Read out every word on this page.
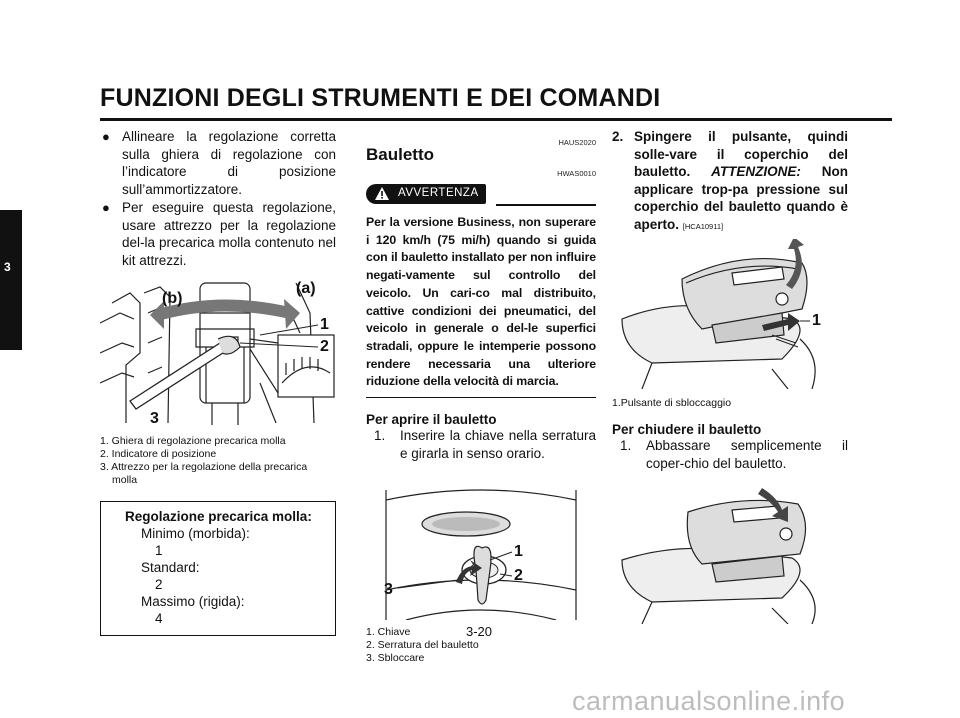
FUNZIONI DEGLI STRUMENTI E DEI COMANDI
3
● Allineare la regolazione corretta sulla ghiera di regolazione con l’indicatore di posizione sull’ammortizzatore.
● Per eseguire questa regolazione, usare attrezzo per la regolazione del-la precarica molla contenuto nel kit attrezzi.
(b)
(a)
1
2
3
1. Ghiera di regolazione precarica molla
2. Indicatore di posizione
3. Attrezzo per la regolazione della precarica
molla
Regolazione precarica molla:
Minimo (morbida):
1
Standard:
2
Massimo (rigida):
4
HAUS2020
Bauletto
HWAS0010
AVVERTENZA
Per la versione Business, non superare i 120 km/h (75 mi/h) quando si guida con il bauletto installato per non influire negati-vamente sul controllo del veicolo. Un cari-co mal distribuito, cattive condizioni dei pneumatici, del veicolo in generale o del-le superfici stradali, oppure le intemperie possono rendere necessaria una ulteriore riduzione della velocità di marcia.
Per aprire il bauletto
1. Inserire la chiave nella serratura e girarla in senso orario.
1
2
3
1. Chiave
2. Serratura del bauletto
3. Sbloccare
2. Spingere il pulsante, quindi solle-vare il coperchio del bauletto. ATTENZIONE: Non applicare trop-pa pressione sul coperchio del bauletto quando è aperto. [HCA10911]
1
1.Pulsante di sbloccaggio
Per chiudere il bauletto
1. Abbassare semplicemente il coper-chio del bauletto.
3-20
carmanualsonline.info
